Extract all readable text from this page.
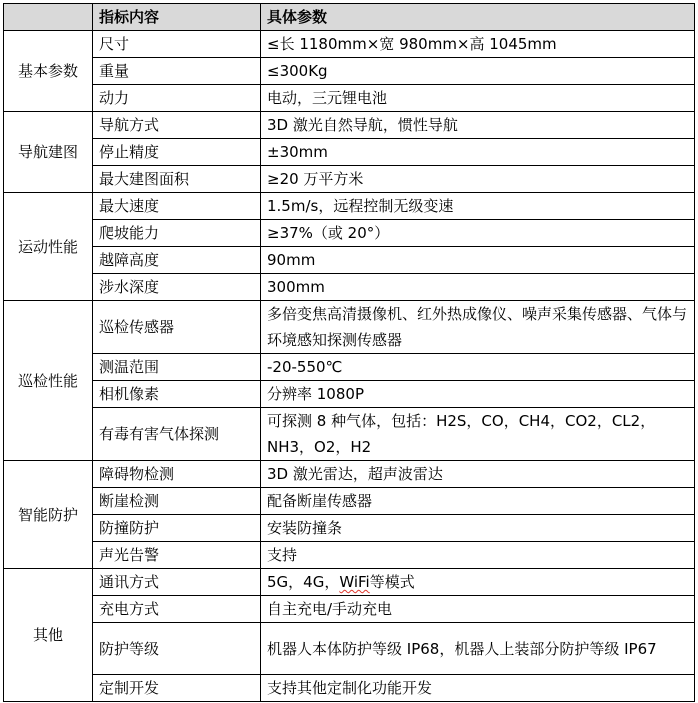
	指标内容	具体参数
基本参数	尺寸	≤长 1180mm×宽 980mm×高 1045mm
	重量	≤300Kg
	动力	电动，三元锂电池
导航建图	导航方式	3D 激光自然导航，惯性导航
	停止精度	±30mm
	最大建图面积	≥20 万平方米
运动性能	最大速度	1.5m/s，远程控制无级变速
	爬坡能力	≥37%（或 20°）
	越障高度	90mm
	涉水深度	300mm
巡检性能	巡检传感器	多倍变焦高清摄像机、红外热成像仪、噪声采集传感器、气体与环境感知探测传感器
	测温范围	-20-550℃
	相机像素	分辨率 1080P
	有毒有害气体探测	可探测 8 种气体，包括：H2S，CO，CH4，CO2，CL2，NH3，O2，H2
智能防护	障碍物检测	3D 激光雷达，超声波雷达
	断崖检测	配备断崖传感器
	防撞防护	安装防撞条
	声光告警	支持
其他	通讯方式	5G，4G，WiFi等模式
	充电方式	自主充电/手动充电
	防护等级	机器人本体防护等级 IP68，机器人上装部分防护等级 IP67
	定制开发	支持其他定制化功能开发
